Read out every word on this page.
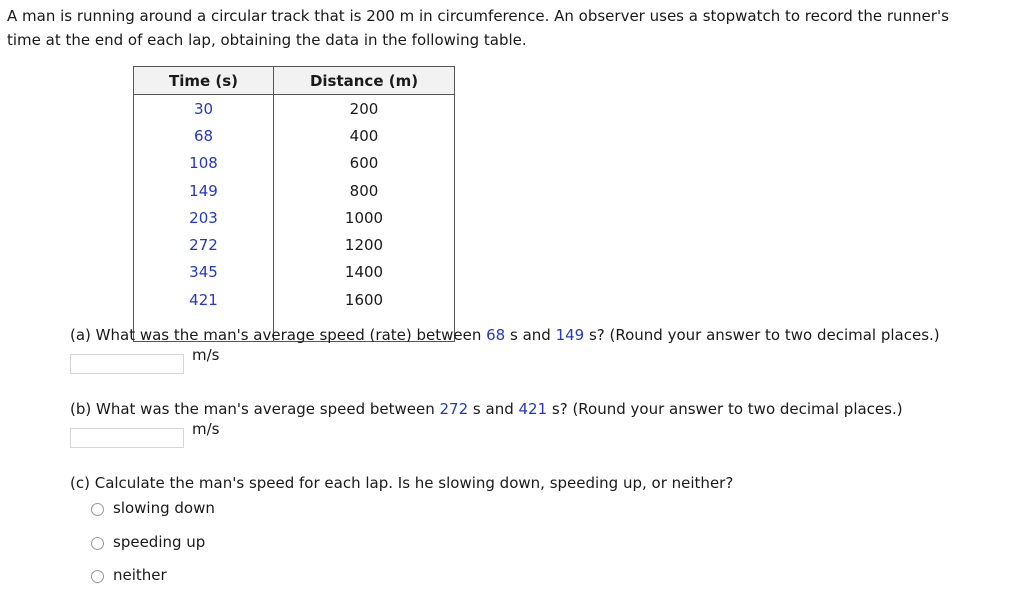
A man is running around a circular track that is 200 m in circumference. An observer uses a stopwatch to record the runner's
time at the end of each lap, obtaining the data in the following table.

Time (s)	Distance (m)
30	200
68	400
108	600
149	800
203	1000
272	1200
345	1400
421	1600

(a) What was the man's average speed (rate) between 68 s and 149 s? (Round your answer to two decimal places.)

m/s

(b) What was the man's average speed between 272 s and 421 s? (Round your answer to two decimal places.)

m/s

(c) Calculate the man's speed for each lap. Is he slowing down, speeding up, or neither?

slowing down
speeding up
neither
